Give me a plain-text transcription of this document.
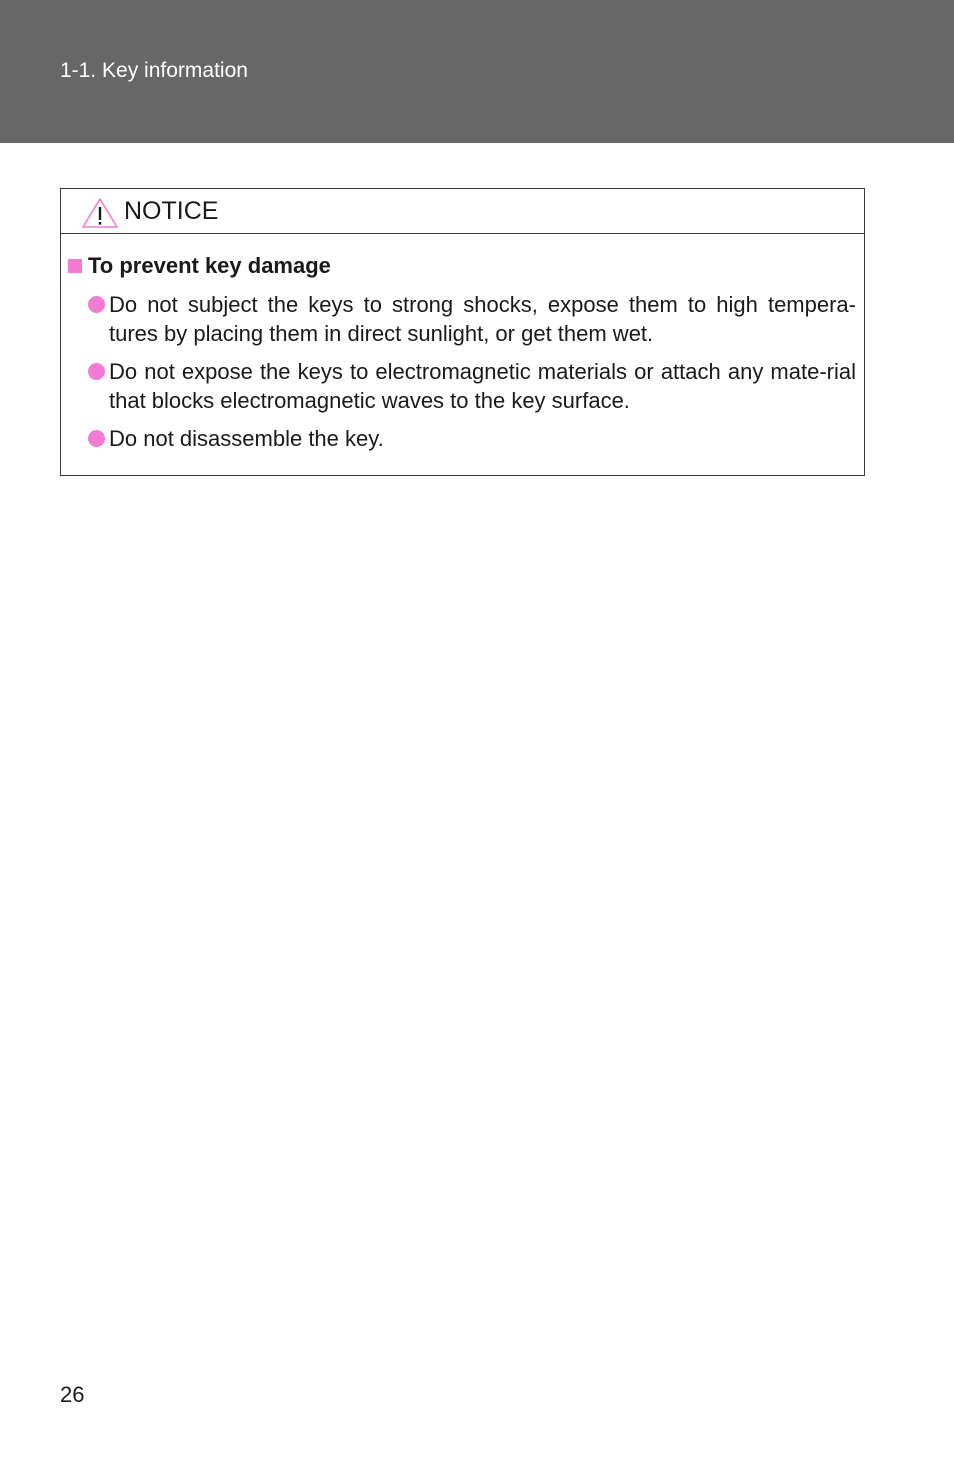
1-1. Key information
NOTICE
To prevent key damage
Do not subject the keys to strong shocks, expose them to high tempera-tures by placing them in direct sunlight, or get them wet.
Do not expose the keys to electromagnetic materials or attach any mate-rial that blocks electromagnetic waves to the key surface.
Do not disassemble the key.
26
